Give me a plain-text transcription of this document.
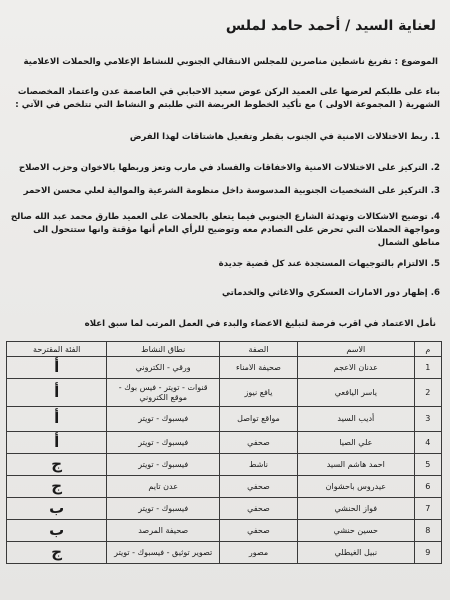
لعناية السيد / أحمد حامد لملس
الموضوع : تفريغ ناشطين مناصرين للمجلس الانتقالي الجنوبي للنشاط الإعلامي والحملات الاعلامية
بناء على طلبكم لعرضها على العميد الركن عوض سعيد الاحبابي في العاصمة عدن واعتماد المخصصات الشهرية ( المجموعة الاولى ) مع تأكيد الخطوط العريضة التي طلبتم و النشاط التي تتلخص في الآتي :
1.ربط الاختلالات الامنية في الجنوب بقطر وتفعيل هاشتاقات لهذا الفرض
2.التركيز على الاختلالات الامنية والاخفاقات والفساد في مارب وتعز وربطها بالاخوان وحزب الاصلاح
3.التركيز على الشخصيات الجنوبية المدسوسة داخل منظومة الشرعية والموالية لعلي محسن الاحمر
4.توضيح الاشكالات وتهدئة الشارع الجنوبي فيما يتعلق بالحملات على العميد طارق محمد عبد الله صالح ومواجهة الحملات التي تحرض على التصادم معه وتوضيح للرأي العام أنها مؤقتة وانها ستتحول الى مناطق الشمال
5.الالتزام بالتوجيهات المستجدة عند كل قضية جديدة
6.إظهار دور الامارات العسكري والاغاثي والخدماتي
نأمل الاعتماد في اقرب فرصة لتبليغ الاعضاء والبدء في العمل المرتب لما سبق اعلاه
م	الاسم	الصفة	نطاق النشاط	الفئة المقترحة
1	عدنان الاعجم	صحيفة الامناء	ورقي - الكتروني	أ
2	ياسر اليافعي	يافع نيوز	قنوات - تويتر - فيس بوك - موقع الكتروني	أ
3	أديب السيد	مواقع تواصل	فيسبوك - تويتر	أ
4	علي الصيا	صحفي	فيسبوك - تويتر	أ
5	احمد هاشم السيد	ناشط	فيسبوك - تويتر	ج
6	عيدروس باحشوان	صحفي	عدن تايم	ج
7	فواز الحنشي	صحفي	فيسبوك - تويتر	ب
8	حسين حنشي	صحفي	صحيفة المرصد	ب
9	نبيل الغيطلي	مصور	تصوير توثيق - فيسبوك - تويتر	ج
